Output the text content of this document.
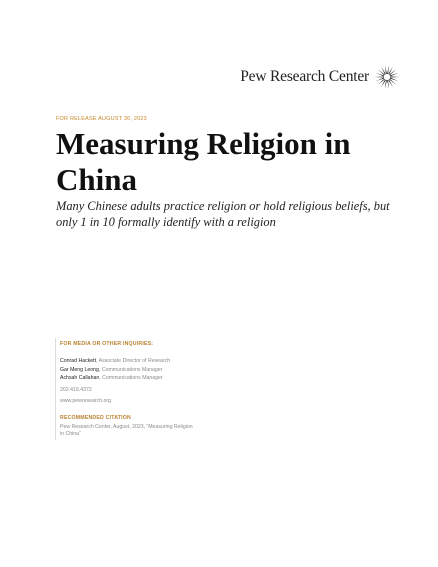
Pew Research Center
FOR RELEASE AUGUST 30, 2023
Measuring Religion in China

Many Chinese adults practice religion or hold religious beliefs, but only 1 in 10 formally identify with a religion

FOR MEDIA OR OTHER INQUIRIES:
Conrad Hackett, Associate Director of Research
Gar Meng Leong, Communications Manager
Achsah Callahan, Communications Manager
202.419.4372
www.pewresearch.org
RECOMMENDED CITATION
Pew Research Center, August, 2023, “Measuring Religion in China”
